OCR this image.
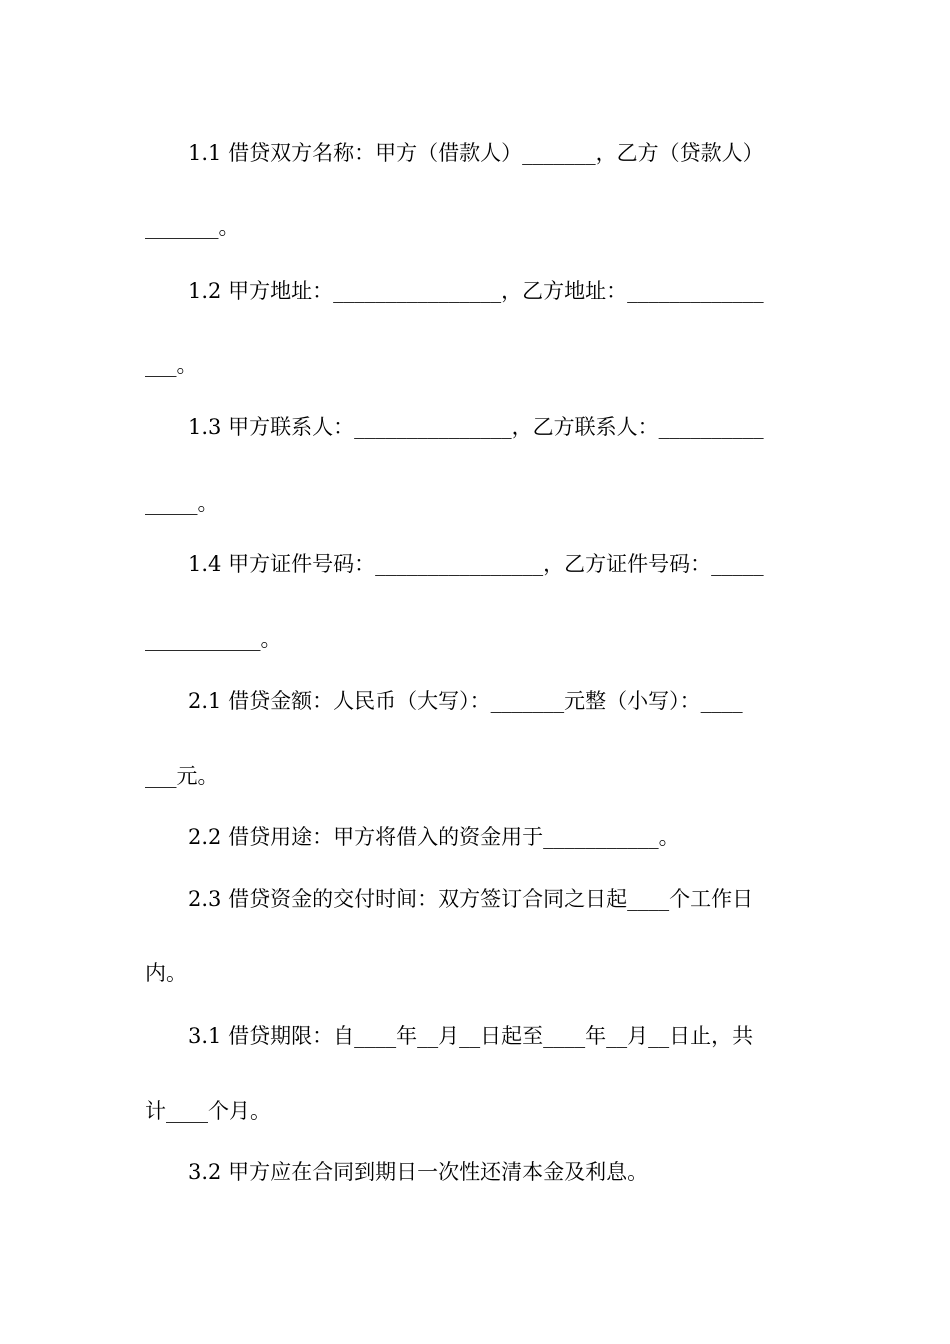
1.1 借贷双方名称：甲方（借款人）_______，乙方（贷款人）
_______。
1.2 甲方地址：________________，乙方地址：_____________
___。
1.3 甲方联系人：_______________，乙方联系人：__________
_____。
1.4 甲方证件号码：________________，乙方证件号码：_____
___________。
2.1 借贷金额：人民币（大写）：_______元整（小写）：____
___元。
2.2 借贷用途：甲方将借入的资金用于___________。
2.3 借贷资金的交付时间：双方签订合同之日起____个工作日
内。
3.1 借贷期限：自____年__月__日起至____年__月__日止，共
计____个月。
3.2 甲方应在合同到期日一次性还清本金及利息。
